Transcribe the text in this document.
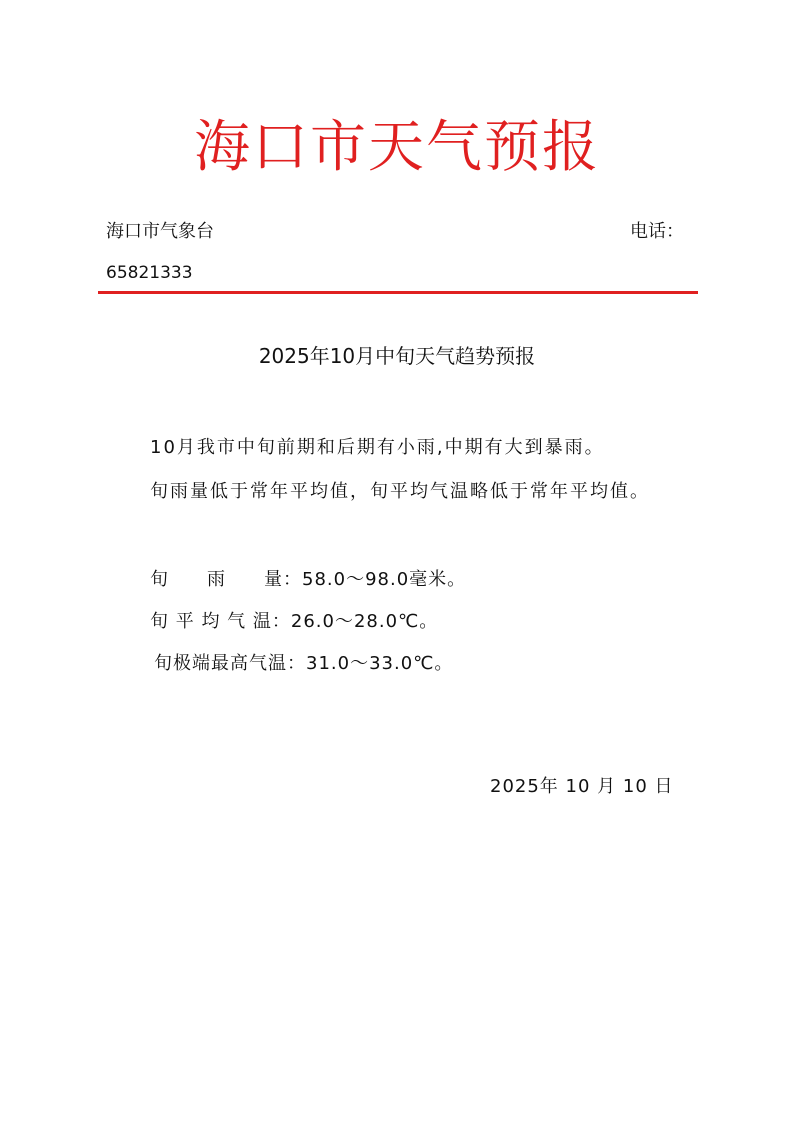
海口市天气预报
海口市气象台	电话：
65821333
2025年10月中旬天气趋势预报
10月我市中旬前期和后期有小雨,中期有大到暴雨。
旬雨量低于常年平均值，旬平均气温略低于常年平均值。
旬　　雨　　量：58.0～98.0毫米。
旬 平 均 气 温：26.0～28.0℃。
旬极端最高气温：31.0～33.0℃。
2025年 10 月 10 日
